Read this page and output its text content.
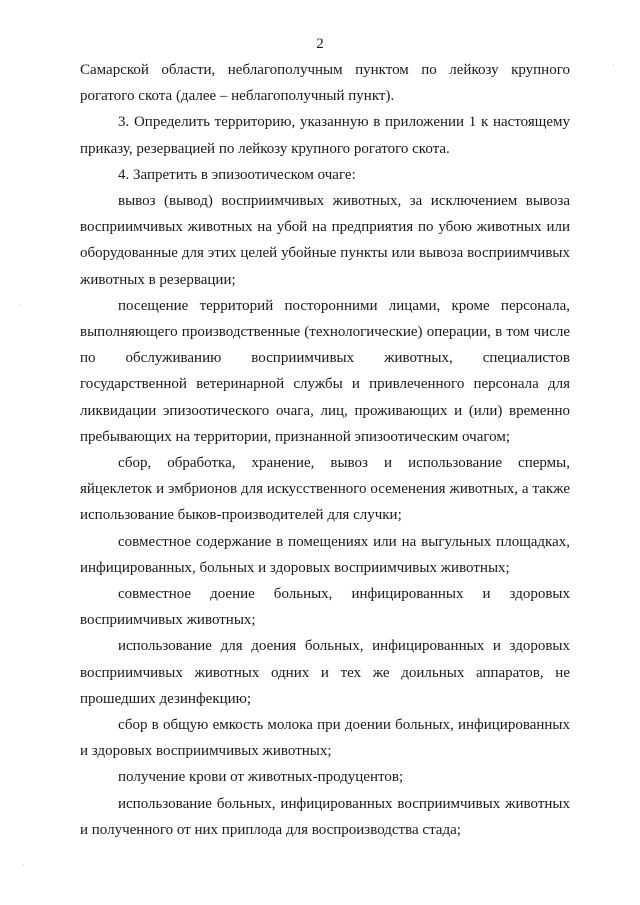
2

Самарской области, неблагополучным пунктом по лейкозу крупного рогатого скота (далее – неблагополучный пункт).

3. Определить территорию, указанную в приложении 1 к настоящему приказу, резервацией по лейкозу крупного рогатого скота.

4. Запретить в эпизоотическом очаге:

вывоз (вывод) восприимчивых животных, за исключением вывоза восприимчивых животных на убой на предприятия по убою животных или оборудованные для этих целей убойные пункты или вывоза восприимчивых животных в резервации;

посещение территорий посторонними лицами, кроме персонала, выполняющего производственные (технологические) операции, в том числе по обслуживанию восприимчивых животных, специалистов государственной ветеринарной службы и привлеченного персонала для ликвидации эпизоотического очага, лиц, проживающих и (или) временно пребывающих на территории, признанной эпизоотическим очагом;

сбор, обработка, хранение, вывоз и использование спермы, яйцеклеток и эмбрионов для искусственного осеменения животных, а также использование быков-производителей для случки;

совместное содержание в помещениях или на выгульных площадках, инфицированных, больных и здоровых восприимчивых животных;

совместное доение больных, инфицированных и здоровых восприимчивых животных;

использование для доения больных, инфицированных и здоровых восприимчивых животных одних и тех же доильных аппаратов, не прошедших дезинфекцию;

сбор в общую емкость молока при доении больных, инфицированных и здоровых восприимчивых животных;

получение крови от животных-продуцентов;

использование больных, инфицированных восприимчивых животных и полученного от них приплода для воспроизводства стада;

·
·
·
